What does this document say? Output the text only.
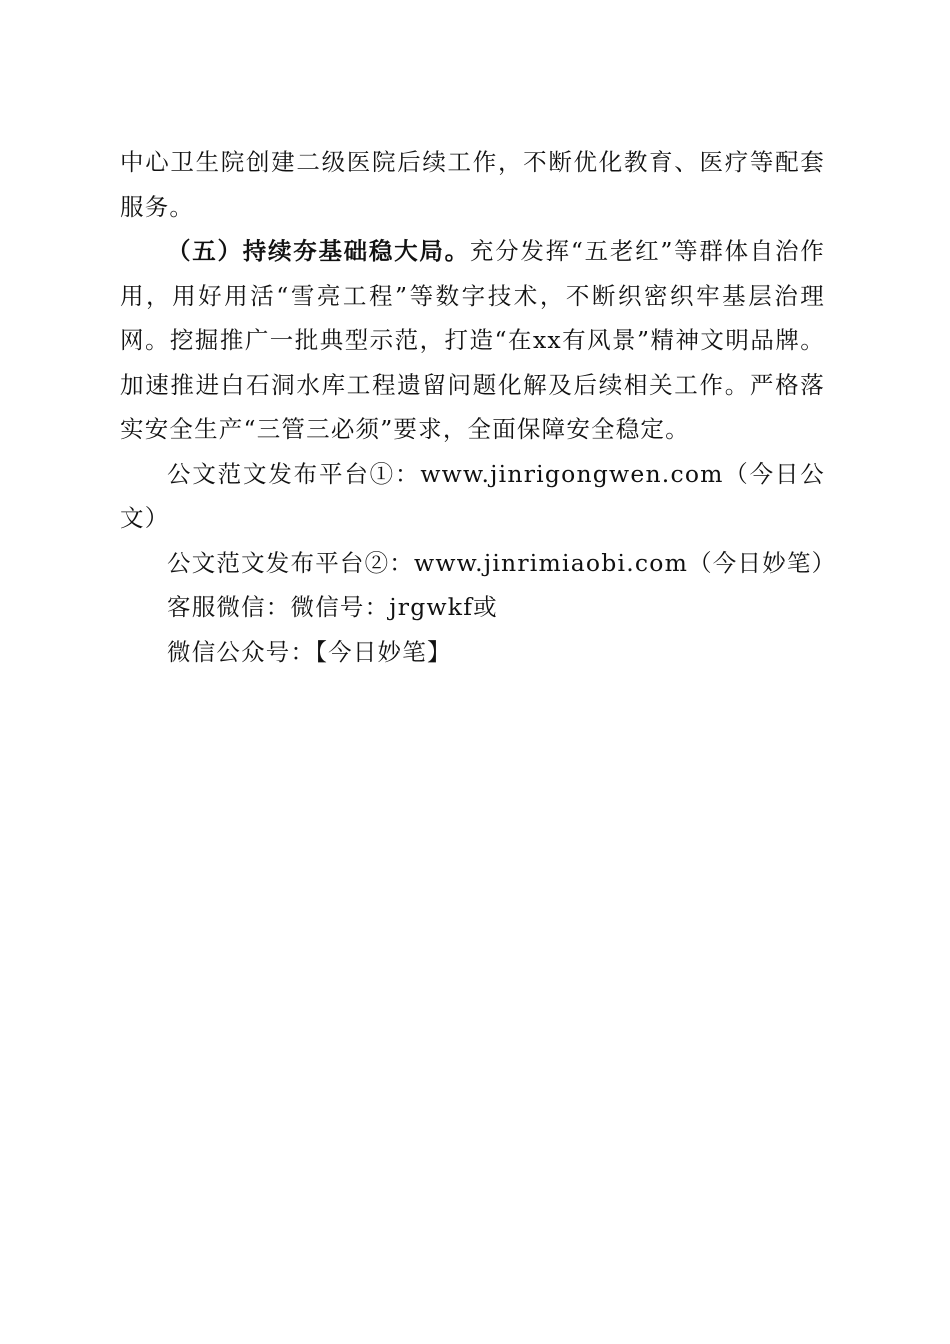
中心卫生院创建二级医院后续工作，不断优化教育、医疗等配套服务。

（五）持续夯基础稳大局。充分发挥“五老红”等群体自治作用，用好用活“雪亮工程”等数字技术，不断织密织牢基层治理网。挖掘推广一批典型示范，打造“在xx有风景”精神文明品牌。加速推进白石洞水库工程遗留问题化解及后续相关工作。严格落实安全生产“三管三必须”要求，全面保障安全稳定。

公文范文发布平台①：www.jinrigongwen.com（今日公文）

公文范文发布平台②：www.jinrimiaobi.com（今日妙笔）

客服微信：微信号：jrgwkf或

微信公众号：【今日妙笔】
